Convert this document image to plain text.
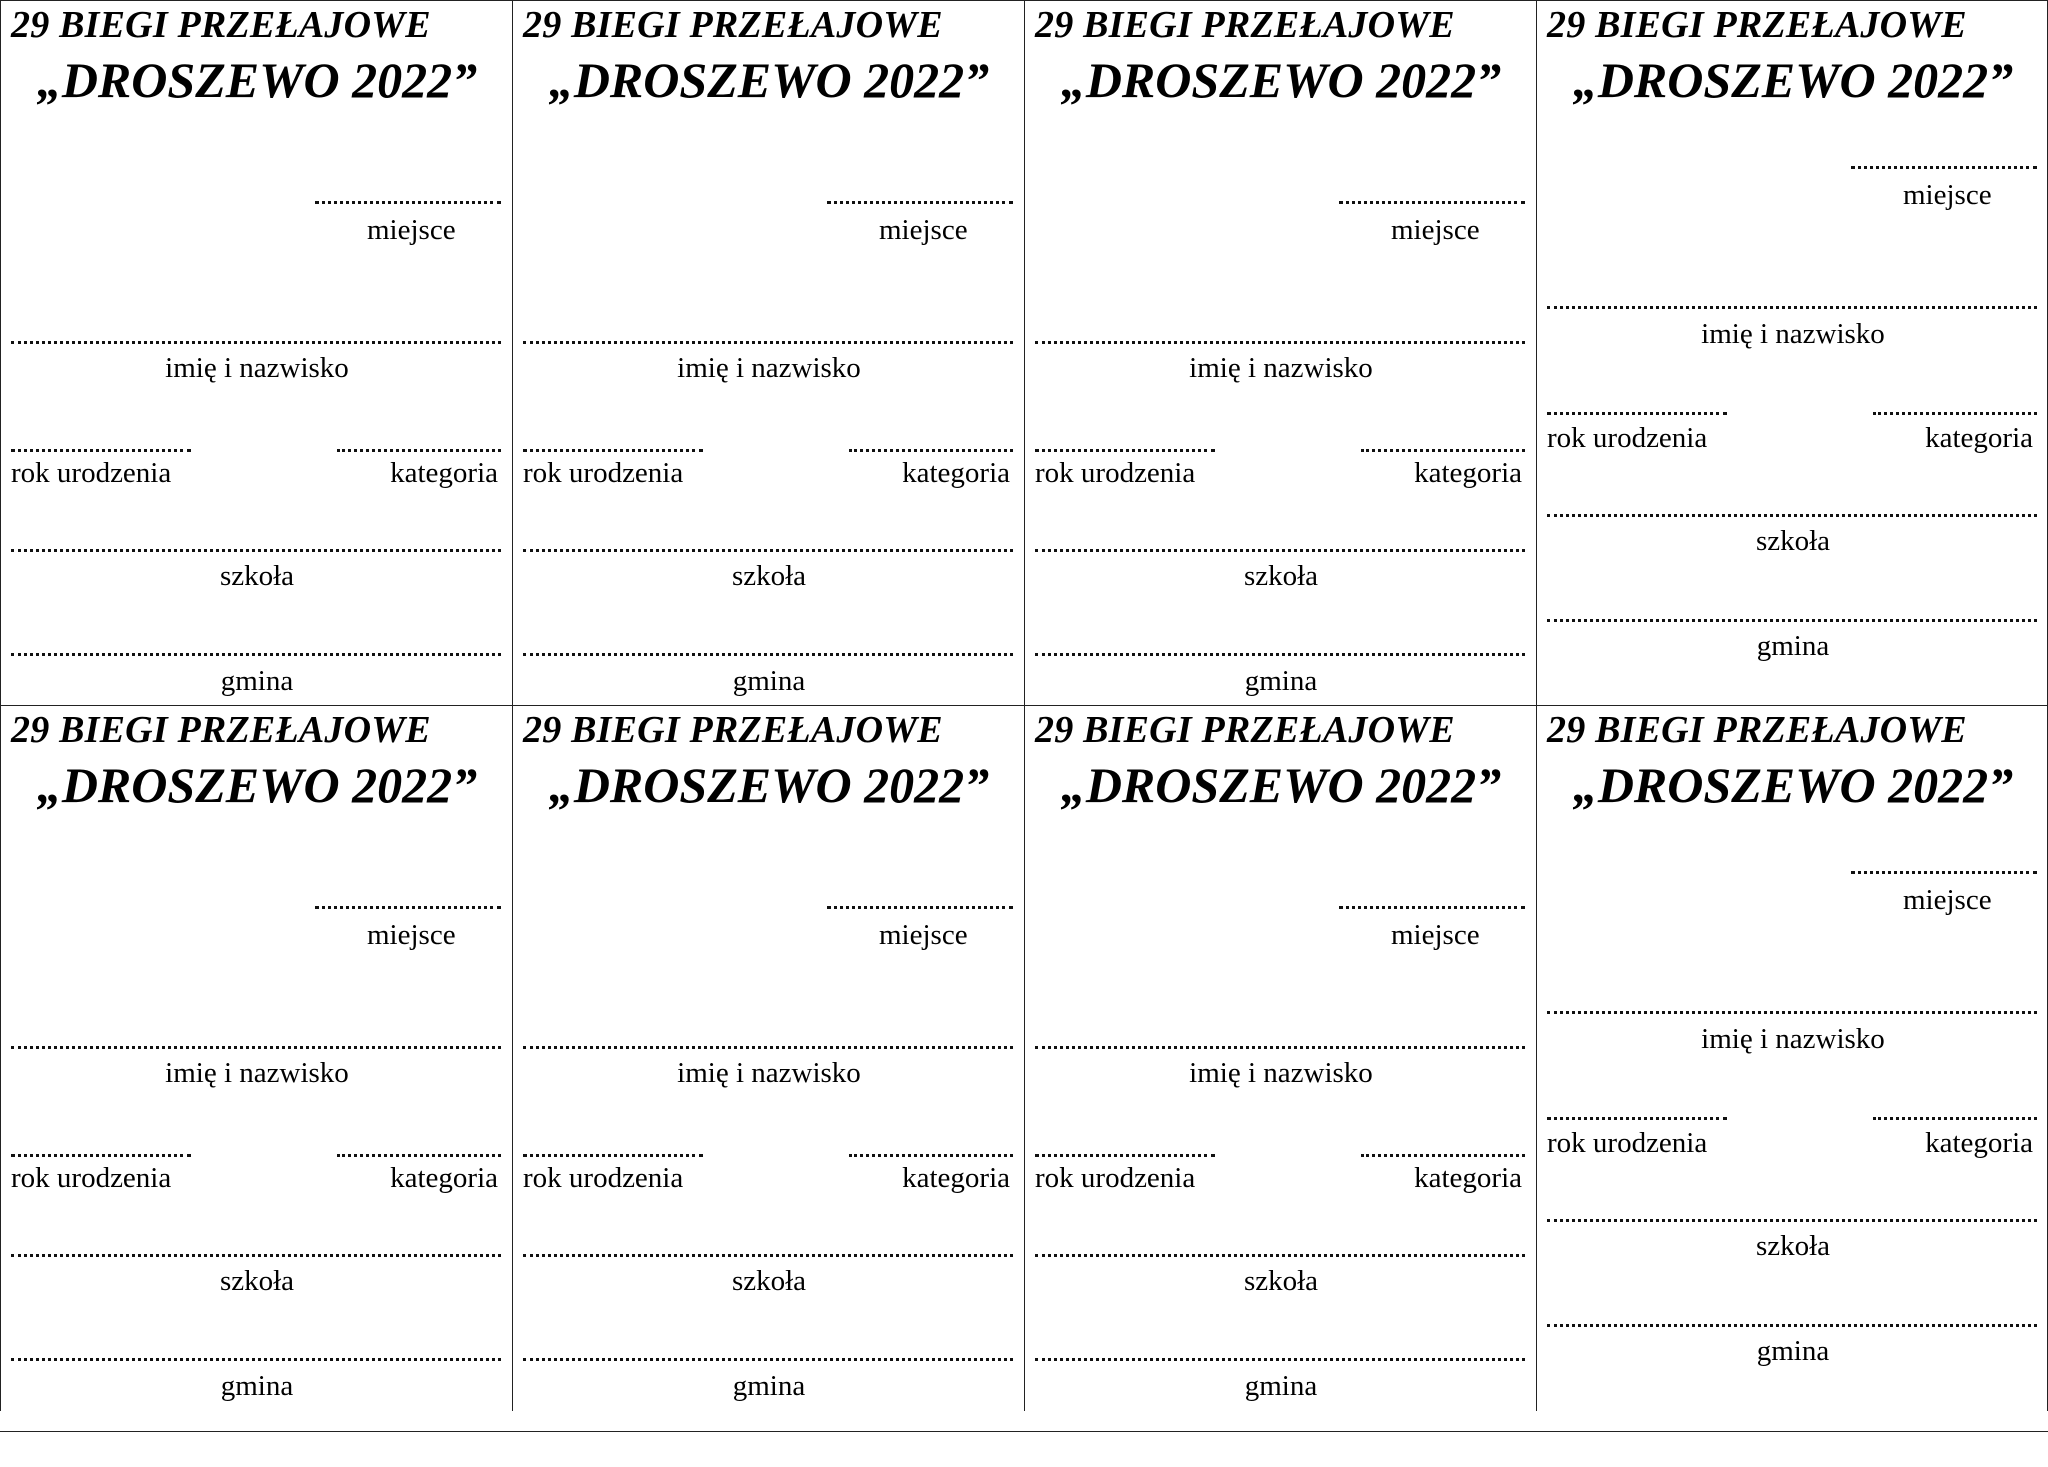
29 BIEGI PRZEŁAJOWE
„DROSZEWO 2022”
miejsce
imię i nazwisko
rok urodzenia	kategoria
szkoła
gmina
29 BIEGI PRZEŁAJOWE
„DROSZEWO 2022”
miejsce
imię i nazwisko
rok urodzenia	kategoria
szkoła
gmina
29 BIEGI PRZEŁAJOWE
„DROSZEWO 2022”
miejsce
imię i nazwisko
rok urodzenia	kategoria
szkoła
gmina
29 BIEGI PRZEŁAJOWE
„DROSZEWO 2022”
miejsce
imię i nazwisko
rok urodzenia	kategoria
szkoła
gmina
29 BIEGI PRZEŁAJOWE
„DROSZEWO 2022”
miejsce
imię i nazwisko
rok urodzenia	kategoria
szkoła
gmina
29 BIEGI PRZEŁAJOWE
„DROSZEWO 2022”
miejsce
imię i nazwisko
rok urodzenia	kategoria
szkoła
gmina
29 BIEGI PRZEŁAJOWE
„DROSZEWO 2022”
miejsce
imię i nazwisko
rok urodzenia	kategoria
szkoła
gmina
29 BIEGI PRZEŁAJOWE
„DROSZEWO 2022”
miejsce
imię i nazwisko
rok urodzenia	kategoria
szkoła
gmina
